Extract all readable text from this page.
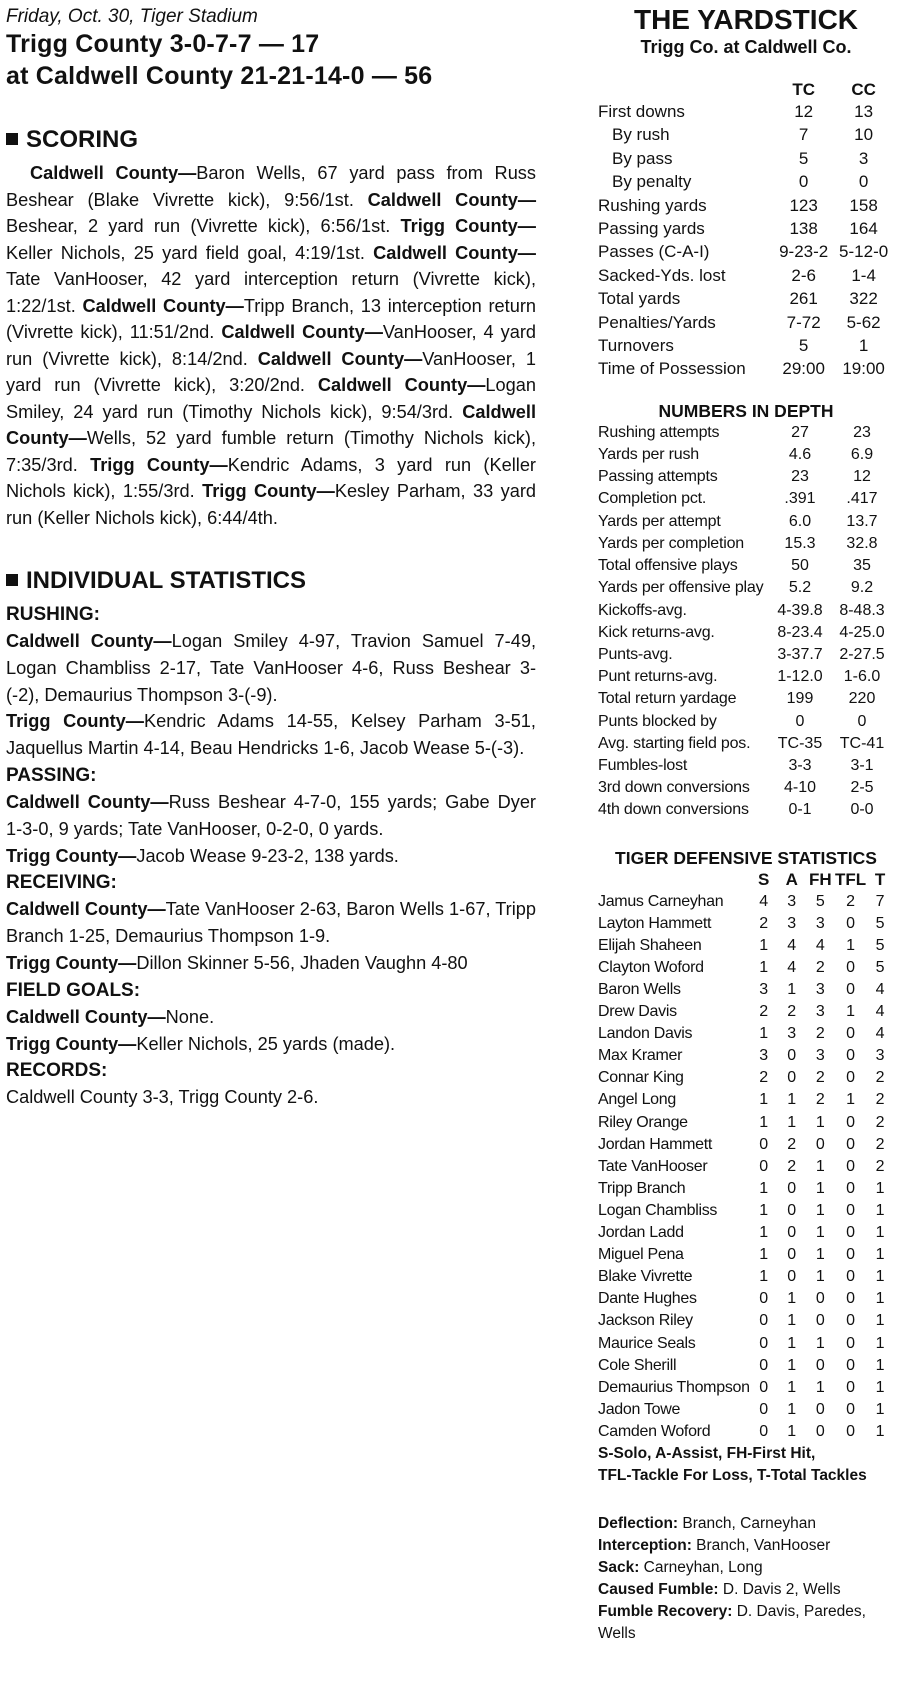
Friday, Oct. 30, Tiger Stadium
Trigg County 3-0-7-7 — 17
at Caldwell County 21-21-14-0 — 56
SCORING
Caldwell County—Baron Wells, 67 yard pass from Russ Beshear (Blake Vivrette kick), 9:56/1st. Caldwell County—Beshear, 2 yard run (Vivrette kick), 6:56/1st. Trigg County—Keller Nichols, 25 yard field goal, 4:19/1st. Caldwell County—Tate VanHooser, 42 yard interception return (Vivrette kick), 1:22/1st. Caldwell County—Tripp Branch, 13 interception return (Vivrette kick), 11:51/2nd. Caldwell County—VanHooser, 4 yard run (Vivrette kick), 8:14/2nd. Caldwell County—VanHooser, 1 yard run (Vivrette kick), 3:20/2nd. Caldwell County—Logan Smiley, 24 yard run (Timothy Nichols kick), 9:54/3rd. Caldwell County—Wells, 52 yard fumble return (Timothy Nichols kick), 7:35/3rd. Trigg County—Kendric Adams, 3 yard run (Keller Nichols kick), 1:55/3rd. Trigg County—Kesley Parham, 33 yard run (Keller Nichols kick), 6:44/4th.
INDIVIDUAL STATISTICS
RUSHING:
Caldwell County—Logan Smiley 4-97, Travion Samuel 7-49, Logan Chambliss 2-17, Tate VanHooser 4-6, Russ Beshear 3-(-2), Demaurius Thompson 3-(-9).
Trigg County—Kendric Adams 14-55, Kelsey Parham 3-51, Jaquellus Martin 4-14, Beau Hendricks 1-6, Jacob Wease 5-(-3).
PASSING:
Caldwell County—Russ Beshear 4-7-0, 155 yards; Gabe Dyer 1-3-0, 9 yards; Tate VanHooser, 0-2-0, 0 yards.
Trigg County—Jacob Wease 9-23-2, 138 yards.
RECEIVING:
Caldwell County—Tate VanHooser 2-63, Baron Wells 1-67, Tripp Branch 1-25, Demaurius Thompson 1-9.
Trigg County—Dillon Skinner 5-56, Jhaden Vaughn 4-80
FIELD GOALS:
Caldwell County—None.
Trigg County—Keller Nichols, 25 yards (made).
RECORDS:
Caldwell County 3-3, Trigg County 2-6.
THE YARDSTICK
Trigg Co. at Caldwell Co.
	TC	CC
First downs	12	13
By rush	7	10
By pass	5	3
By penalty	0	0
Rushing yards	123	158
Passing yards	138	164
Passes (C-A-I)	9-23-2	5-12-0
Sacked-Yds. lost	2-6	1-4
Total yards	261	322
Penalties/Yards	7-72	5-62
Turnovers	5	1
Time of Possession	29:00	19:00
NUMBERS IN DEPTH
Rushing attempts	27	23
Yards per rush	4.6	6.9
Passing attempts	23	12
Completion pct.	.391	.417
Yards per attempt	6.0	13.7
Yards per completion	15.3	32.8
Total offensive plays	50	35
Yards per offensive play	5.2	9.2
Kickoffs-avg.	4-39.8	8-48.3
Kick returns-avg.	8-23.4	4-25.0
Punts-avg.	3-37.7	2-27.5
Punt returns-avg.	1-12.0	1-6.0
Total return yardage	199	220
Punts blocked by	0	0
Avg. starting field pos.	TC-35	TC-41
Fumbles-lost	3-3	3-1
3rd down conversions	4-10	2-5
4th down conversions	0-1	0-0
TIGER DEFENSIVE STATISTICS
	S	A	FH	TFL	T
Jamus Carneyhan	4	3	5	2	7
Layton Hammett	2	3	3	0	5
Elijah Shaheen	1	4	4	1	5
Clayton Woford	1	4	2	0	5
Baron Wells	3	1	3	0	4
Drew Davis	2	2	3	1	4
Landon Davis	1	3	2	0	4
Max Kramer	3	0	3	0	3
Connar King	2	0	2	0	2
Angel Long	1	1	2	1	2
Riley Orange	1	1	1	0	2
Jordan Hammett	0	2	0	0	2
Tate VanHooser	0	2	1	0	2
Tripp Branch	1	0	1	0	1
Logan Chambliss	1	0	1	0	1
Jordan Ladd	1	0	1	0	1
Miguel Pena	1	0	1	0	1
Blake Vivrette	1	0	1	0	1
Dante Hughes	0	1	0	0	1
Jackson Riley	0	1	0	0	1
Maurice Seals	0	1	1	0	1
Cole Sherill	0	1	0	0	1
Demaurius Thompson	0	1	1	0	1
Jadon Towe	0	1	0	0	1
Camden Woford	0	1	0	0	1
S-Solo, A-Assist, FH-First Hit,
TFL-Tackle For Loss, T-Total Tackles
Deflection: Branch, Carneyhan
Interception: Branch, VanHooser
Sack: Carneyhan, Long
Caused Fumble: D. Davis 2, Wells
Fumble Recovery: D. Davis, Paredes, Wells
